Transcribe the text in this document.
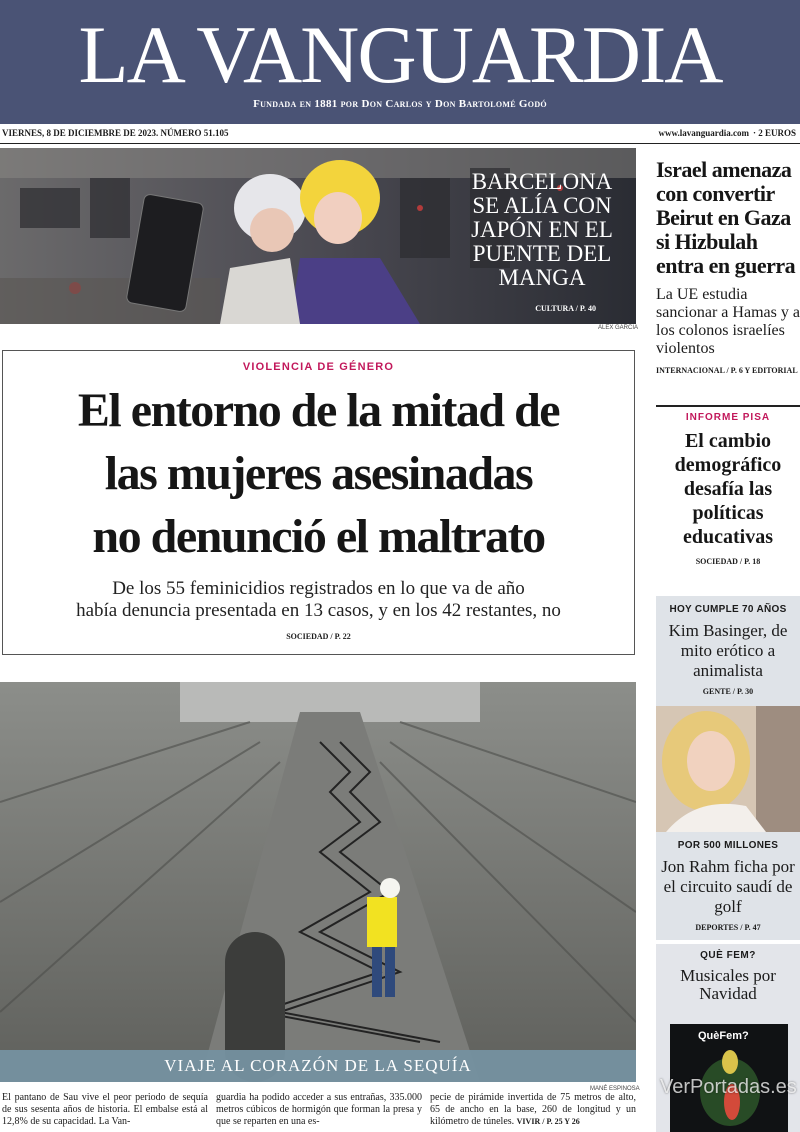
LA VANGUARDIA
Fundada en 1881 por Don Carlos y Don Bartolomé Godó
VIERNES, 8 DE DICIEMBRE DE 2023. NÚMERO 51.105	www.lavanguardia.com · 2 EUROS
BARCELONA SE ALÍA CON JAPÓN EN EL PUENTE DEL MANGA
CULTURA / P. 40
ÀLEX GARCIA
VIOLENCIA DE GÉNERO
El entorno de la mitad de
las mujeres asesinadas
no denunció el maltrato
De los 55 feminicidios registrados en lo que va de año
había denuncia presentada en 13 casos, y en los 42 restantes, no
SOCIEDAD / P. 22
VIAJE AL CORAZÓN DE LA SEQUÍA
MANÉ ESPINOSA
El pantano de Sau vive el peor periodo de sequía de sus sesenta años de historia. El embalse está al 12,8% de su capacidad. La Van-
guardia ha podido acceder a sus entrañas, 335.000 metros cúbicos de hormigón que forman la presa y que se reparten en una es-
pecie de pirámide invertida de 75 metros de alto, 65 de ancho en la base, 260 de longitud y un kilómetro de túneles. VIVIR / P. 25 Y 26
Israel amenaza con convertir Beirut en Gaza si Hizbulah entra en guerra
La UE estudia sancionar a Hamas y a los colonos israelíes violentos
INTERNACIONAL / P. 6 Y EDITORIAL
INFORME PISA
El cambio demográfico desafía las políticas educativas
SOCIEDAD / P. 18
HOY CUMPLE 70 AÑOS
Kim Basinger, de mito erótico a animalista
GENTE / P. 30
POR 500 MILLONES
Jon Rahm ficha por el circuito saudí de golf
DEPORTES / P. 47
QUÈ FEM?
Musicales por Navidad
QuèFem?
VerPortadas.es
